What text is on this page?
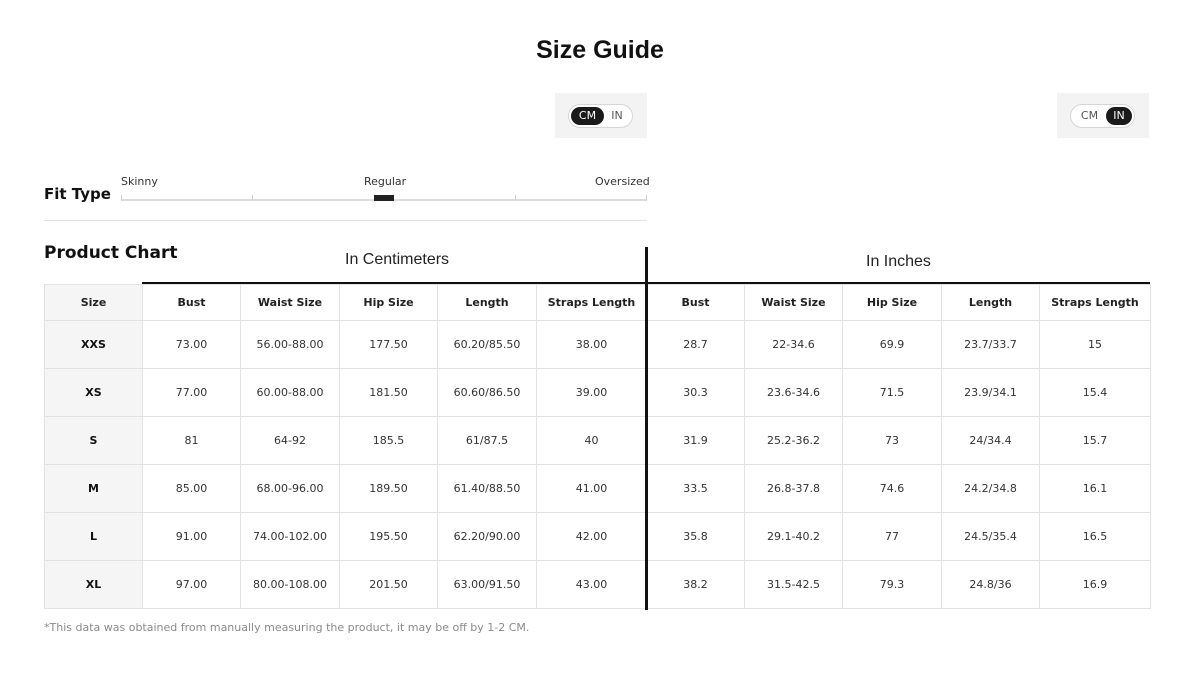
Size Guide
CM	IN	CM	IN
Fit Type
Skinny	Regular	Oversized
Product Chart	In Centimeters	In Inches
Size	Bust	Waist Size	Hip Size	Length	Straps Length	Bust	Waist Size	Hip Size	Length	Straps Length
XXS	73.00	56.00-88.00	177.50	60.20/85.50	38.00	28.7	22-34.6	69.9	23.7/33.7	15
XS	77.00	60.00-88.00	181.50	60.60/86.50	39.00	30.3	23.6-34.6	71.5	23.9/34.1	15.4
S	81	64-92	185.5	61/87.5	40	31.9	25.2-36.2	73	24/34.4	15.7
M	85.00	68.00-96.00	189.50	61.40/88.50	41.00	33.5	26.8-37.8	74.6	24.2/34.8	16.1
L	91.00	74.00-102.00	195.50	62.20/90.00	42.00	35.8	29.1-40.2	77	24.5/35.4	16.5
XL	97.00	80.00-108.00	201.50	63.00/91.50	43.00	38.2	31.5-42.5	79.3	24.8/36	16.9
*This data was obtained from manually measuring the product, it may be off by 1-2 CM.
